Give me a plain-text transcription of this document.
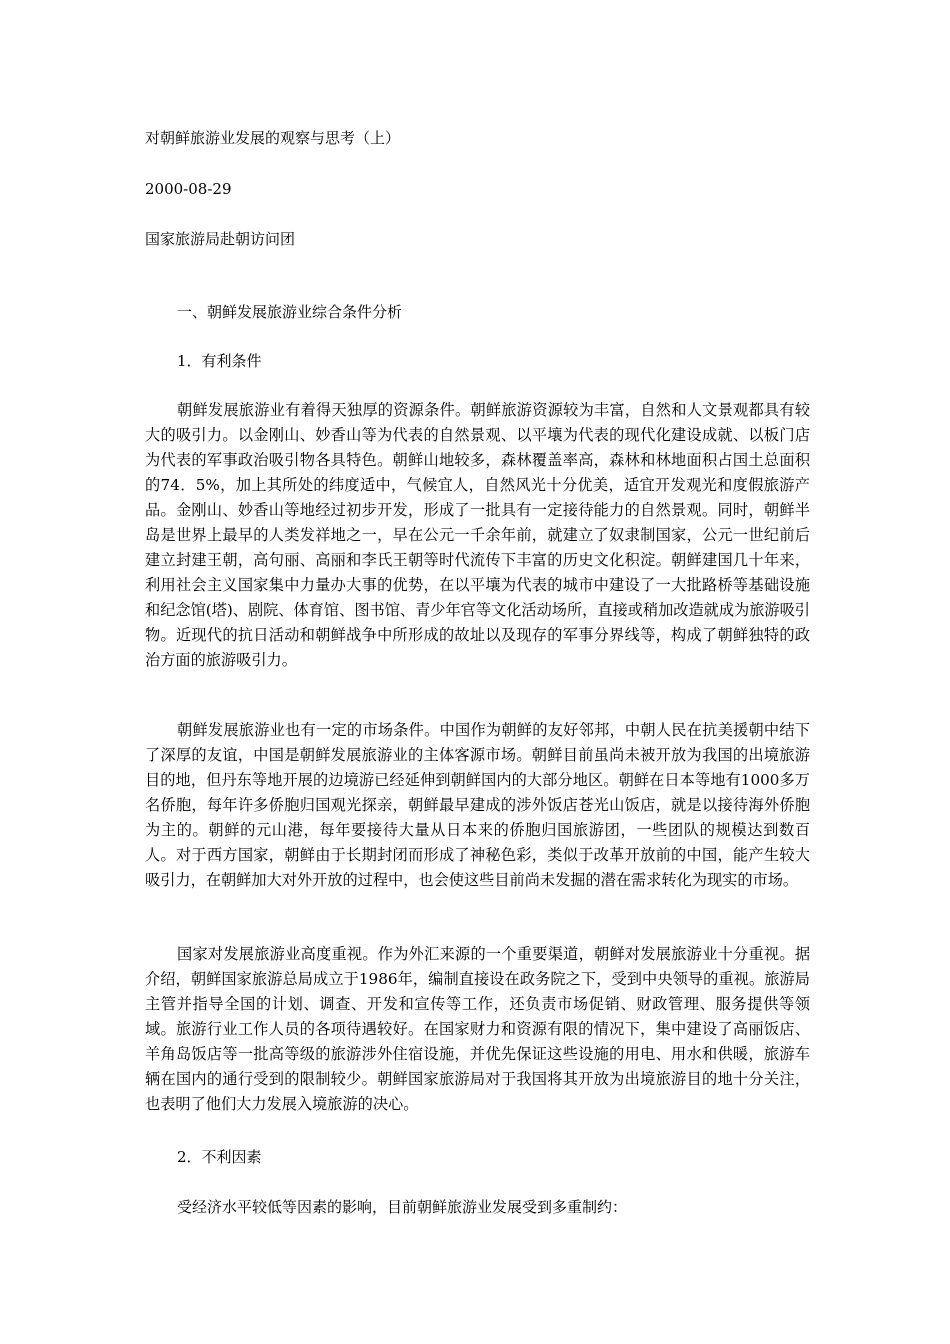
对朝鲜旅游业发展的观察与思考（上）
2000-08-29
国家旅游局赴朝访问团
一、朝鲜发展旅游业综合条件分析
1．有利条件
朝鲜发展旅游业有着得天独厚的资源条件。朝鲜旅游资源较为丰富，自然和人文景观都具有较大的吸引力。以金刚山、妙香山等为代表的自然景观、以平壤为代表的现代化建设成就、以板门店为代表的军事政治吸引物各具特色。朝鲜山地较多，森林覆盖率高，森林和林地面积占国土总面积的74．5%，加上其所处的纬度适中，气候宜人，自然风光十分优美，适宜开发观光和度假旅游产品。金刚山、妙香山等地经过初步开发，形成了一批具有一定接待能力的自然景观。同时，朝鲜半岛是世界上最早的人类发祥地之一，早在公元一千余年前，就建立了奴隶制国家，公元一世纪前后建立封建王朝，高句丽、高丽和李氏王朝等时代流传下丰富的历史文化积淀。朝鲜建国几十年来，利用社会主义国家集中力量办大事的优势，在以平壤为代表的城市中建设了一大批路桥等基础设施和纪念馆(塔)、剧院、体育馆、图书馆、青少年官等文化活动场所，直接或稍加改造就成为旅游吸引物。近现代的抗日活动和朝鲜战争中所形成的故址以及现存的军事分界线等，构成了朝鲜独特的政治方面的旅游吸引力。
朝鲜发展旅游业也有一定的市场条件。中国作为朝鲜的友好邻邦，中朝人民在抗美援朝中结下了深厚的友谊，中国是朝鲜发展旅游业的主体客源市场。朝鲜目前虽尚未被开放为我国的出境旅游目的地，但丹东等地开展的边境游已经延伸到朝鲜国内的大部分地区。朝鲜在日本等地有1000多万名侨胞，每年许多侨胞归国观光探亲，朝鲜最早建成的涉外饭店苍光山饭店，就是以接待海外侨胞为主的。朝鲜的元山港，每年要接待大量从日本来的侨胞归国旅游团，一些团队的规模达到数百人。对于西方国家，朝鲜由于长期封闭而形成了神秘色彩，类似于改革开放前的中国，能产生较大吸引力，在朝鲜加大对外开放的过程中，也会使这些目前尚未发掘的潜在需求转化为现实的市场。
国家对发展旅游业高度重视。作为外汇来源的一个重要渠道，朝鲜对发展旅游业十分重视。据介绍，朝鲜国家旅游总局成立于1986年，编制直接设在政务院之下，受到中央领导的重视。旅游局主管并指导全国的计划、调查、开发和宣传等工作，还负责市场促销、财政管理、服务提供等领域。旅游行业工作人员的各项待遇较好。在国家财力和资源有限的情况下，集中建设了高丽饭店、羊角岛饭店等一批高等级的旅游涉外住宿设施，并优先保证这些设施的用电、用水和供暖，旅游车辆在国内的通行受到的限制较少。朝鲜国家旅游局对于我国将其开放为出境旅游目的地十分关注，也表明了他们大力发展入境旅游的决心。
2．不利因素
受经济水平较低等因素的影响，目前朝鲜旅游业发展受到多重制约：
